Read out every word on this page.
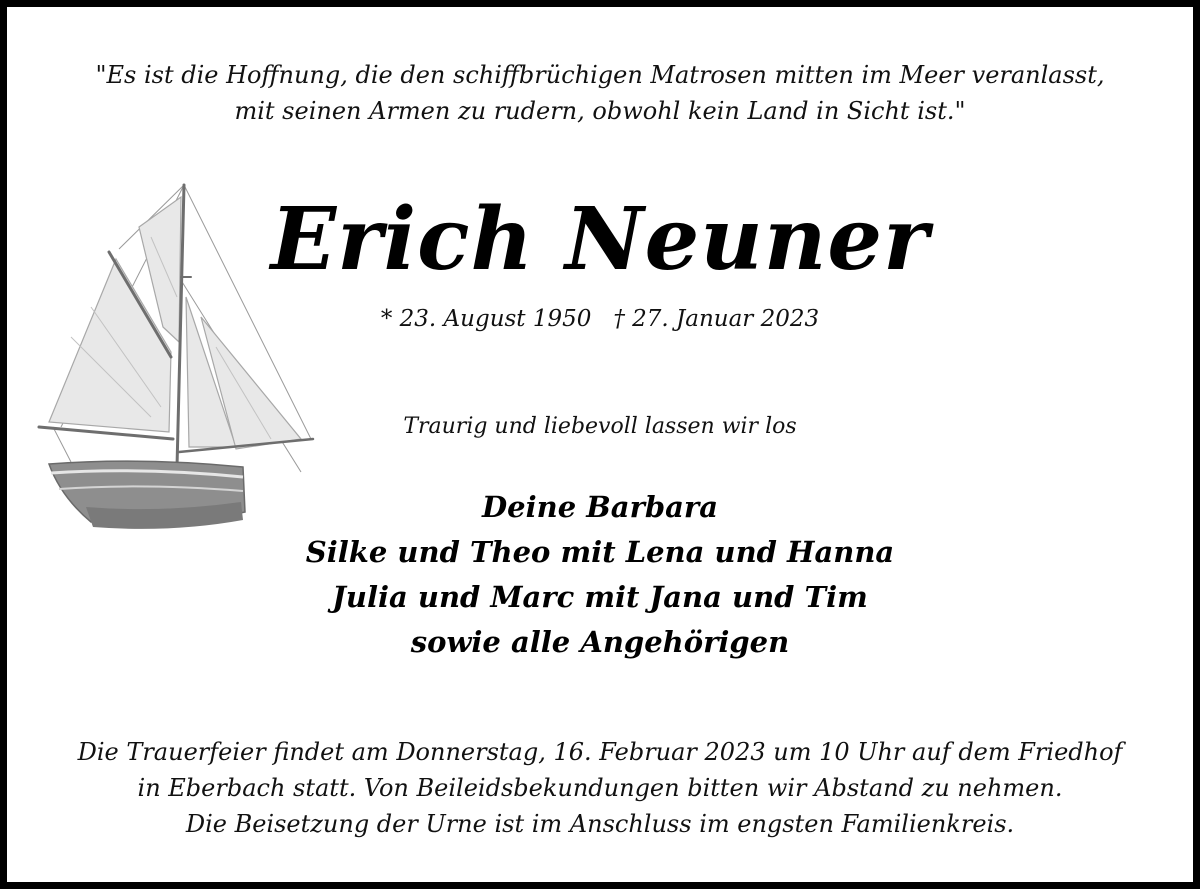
"Es ist die Hoffnung, die den schiffbrüchigen Matrosen mitten im Meer veranlasst,
mit seinen Armen zu rudern, obwohl kein Land in Sicht ist."
Erich Neuner
* 23. August 1950   † 27. Januar 2023
Traurig und liebevoll lassen wir los
Deine Barbara
Silke und Theo mit Lena und Hanna
Julia und Marc mit Jana und Tim
sowie alle Angehörigen
Die Trauerfeier findet am Donnerstag, 16. Februar 2023 um 10 Uhr auf dem Friedhof
in Eberbach statt. Von Beileidsbekundungen bitten wir Abstand zu nehmen.
Die Beisetzung der Urne ist im Anschluss im engsten Familienkreis.
